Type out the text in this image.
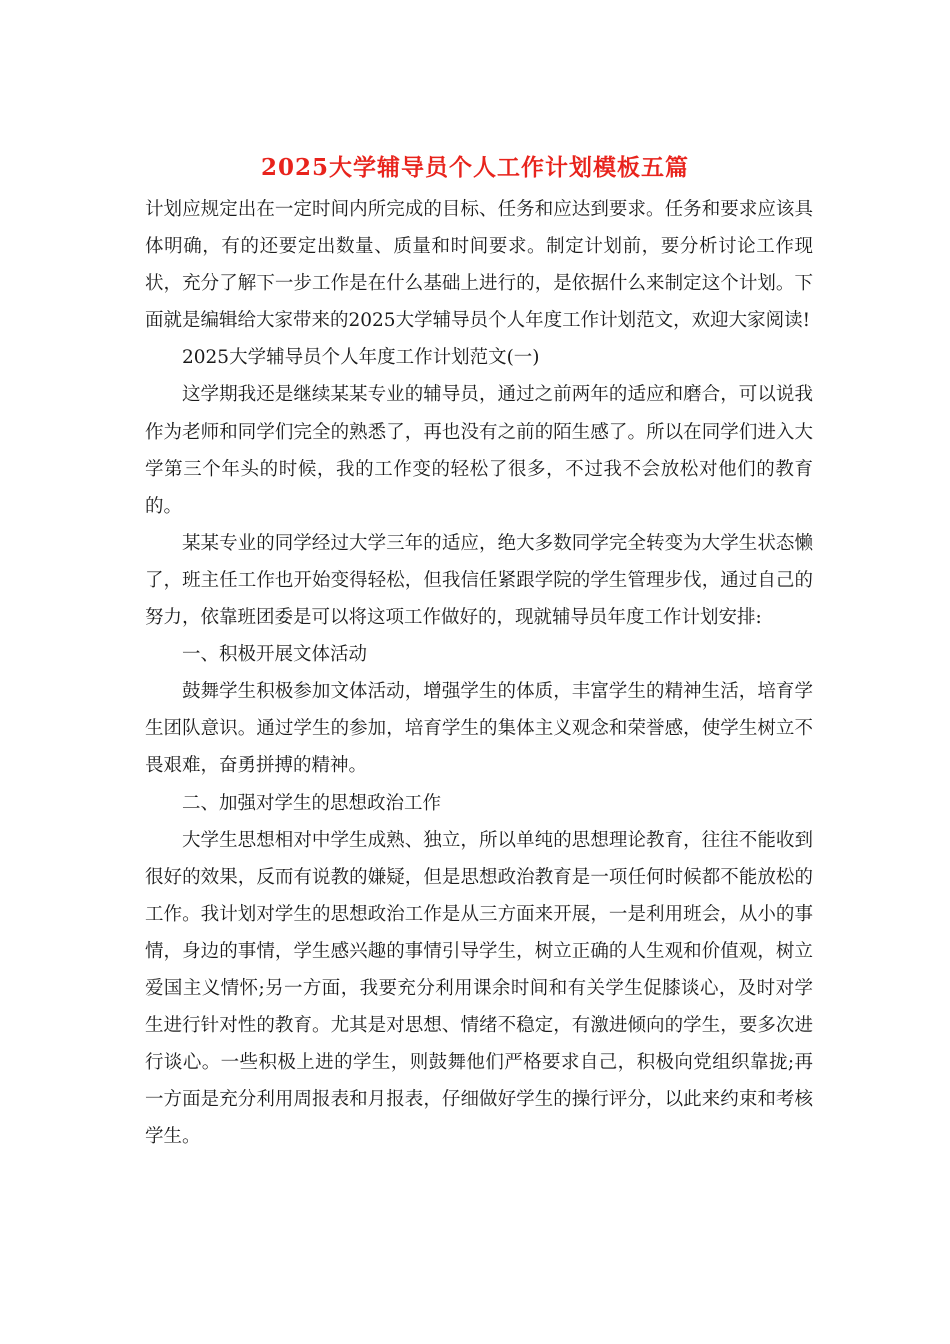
2025大学辅导员个人工作计划模板五篇

计划应规定出在一定时间内所完成的目标、任务和应达到要求。任务和要求应该具体明确，有的还要定出数量、质量和时间要求。制定计划前，要分析讨论工作现状，充分了解下一步工作是在什么基础上进行的，是依据什么来制定这个计划。下面就是编辑给大家带来的2025大学辅导员个人年度工作计划范文，欢迎大家阅读!

2025大学辅导员个人年度工作计划范文(一)

这学期我还是继续某某专业的辅导员，通过之前两年的适应和磨合，可以说我作为老师和同学们完全的熟悉了，再也没有之前的陌生感了。所以在同学们进入大学第三个年头的时候，我的工作变的轻松了很多，不过我不会放松对他们的教育的。

某某专业的同学经过大学三年的适应，绝大多数同学完全转变为大学生状态懒了，班主任工作也开始变得轻松，但我信任紧跟学院的学生管理步伐，通过自己的努力，依靠班团委是可以将这项工作做好的，现就辅导员年度工作计划安排:

一、积极开展文体活动

鼓舞学生积极参加文体活动，增强学生的体质，丰富学生的精神生活，培育学生团队意识。通过学生的参加，培育学生的集体主义观念和荣誉感，使学生树立不畏艰难，奋勇拼搏的精神。

二、加强对学生的思想政治工作

大学生思想相对中学生成熟、独立，所以单纯的思想理论教育，往往不能收到很好的效果，反而有说教的嫌疑，但是思想政治教育是一项任何时候都不能放松的工作。我计划对学生的思想政治工作是从三方面来开展，一是利用班会，从小的事情，身边的事情，学生感兴趣的事情引导学生，树立正确的人生观和价值观，树立爱国主义情怀;另一方面，我要充分利用课余时间和有关学生促膝谈心，及时对学生进行针对性的教育。尤其是对思想、情绪不稳定，有激进倾向的学生，要多次进行谈心。一些积极上进的学生，则鼓舞他们严格要求自己，积极向党组织靠拢;再一方面是充分利用周报表和月报表，仔细做好学生的操行评分，以此来约束和考核学生。
